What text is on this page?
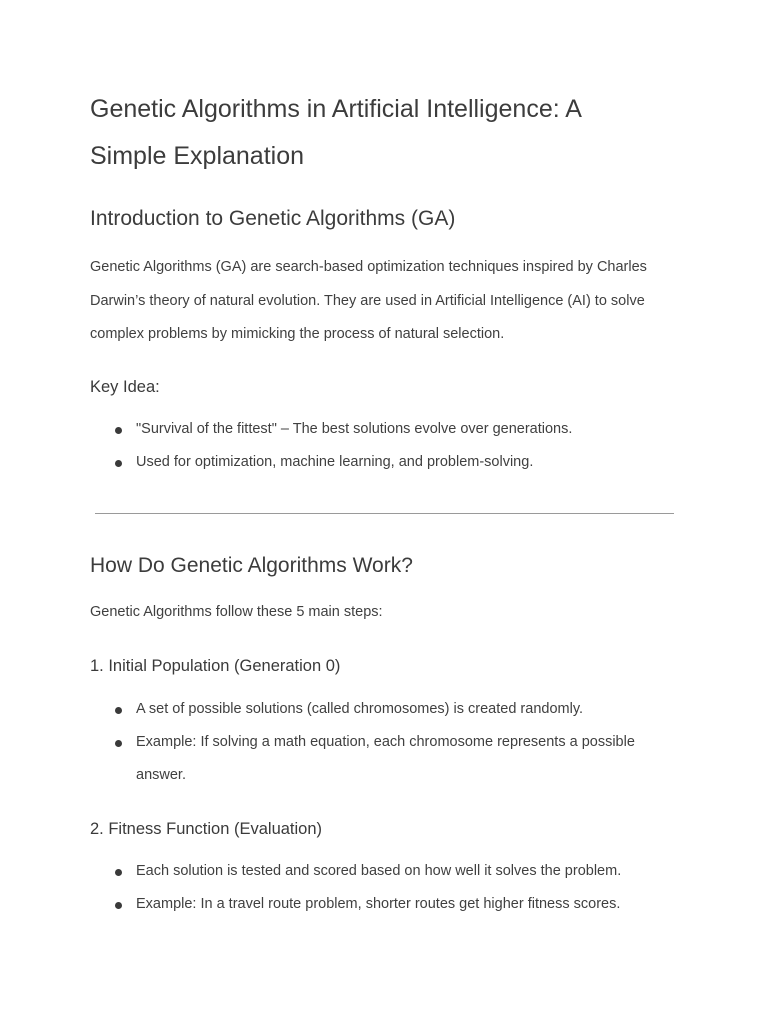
Genetic Algorithms in Artificial Intelligence: A Simple Explanation
Introduction to Genetic Algorithms (GA)

Genetic Algorithms (GA) are search-based optimization techniques inspired by Charles Darwin’s theory of natural evolution. They are used in Artificial Intelligence (AI) to solve complex problems by mimicking the process of natural selection.

Key Idea:
"Survival of the fittest" – The best solutions evolve over generations.
Used for optimization, machine learning, and problem-solving.
How Do Genetic Algorithms Work?

Genetic Algorithms follow these 5 main steps:

1. Initial Population (Generation 0)
A set of possible solutions (called chromosomes) is created randomly.
Example: If solving a math equation, each chromosome represents a possible answer.
2. Fitness Function (Evaluation)
Each solution is tested and scored based on how well it solves the problem.
Example: In a travel route problem, shorter routes get higher fitness scores.
